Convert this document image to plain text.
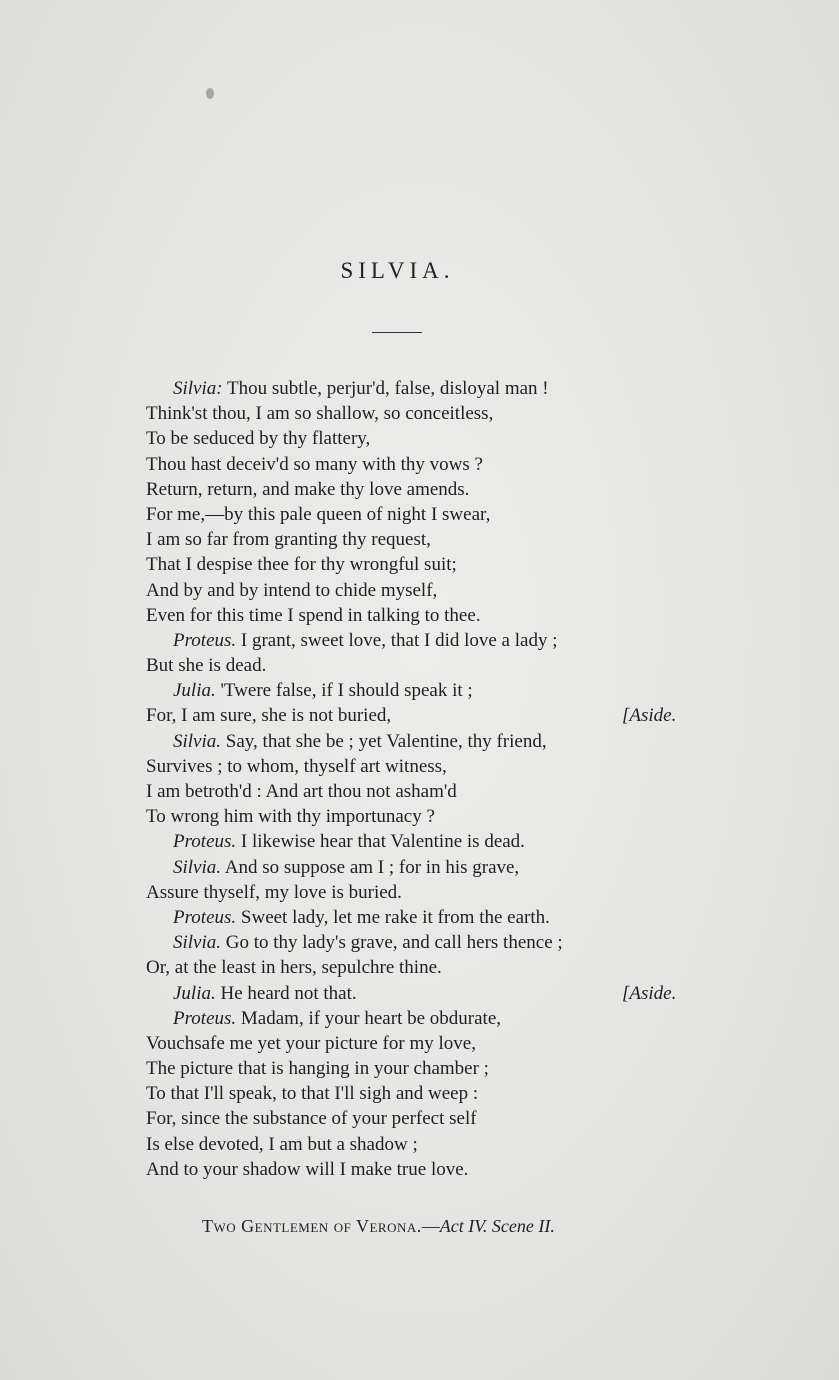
SILVIA.
Silvia: Thou subtle, perjur'd, false, disloyal man !
Think'st thou, I am so shallow, so conceitless,
To be seduced by thy flattery,
Thou hast deceiv'd so many with thy vows ?
Return, return, and make thy love amends.
For me,—by this pale queen of night I swear,
I am so far from granting thy request,
That I despise thee for thy wrongful suit;
And by and by intend to chide myself,
Even for this time I spend in talking to thee.
Proteus. I grant, sweet love, that I did love a lady ;
But she is dead.
Julia. 'Twere false, if I should speak it ;
For, I am sure, she is not buried,	[Aside.
Silvia. Say, that she be ; yet Valentine, thy friend,
Survives ; to whom, thyself art witness,
I am betroth'd : And art thou not asham'd
To wrong him with thy importunacy ?
Proteus. I likewise hear that Valentine is dead.
Silvia. And so suppose am I ; for in his grave,
Assure thyself, my love is buried.
Proteus. Sweet lady, let me rake it from the earth.
Silvia. Go to thy lady's grave, and call hers thence ;
Or, at the least in hers, sepulchre thine.
Julia. He heard not that.	[Aside.
Proteus. Madam, if your heart be obdurate,
Vouchsafe me yet your picture for my love,
The picture that is hanging in your chamber ;
To that I'll speak, to that I'll sigh and weep :
For, since the substance of your perfect self
Is else devoted, I am but a shadow ;
And to your shadow will I make true love.
Two Gentlemen of Verona.—Act IV. Scene II.
